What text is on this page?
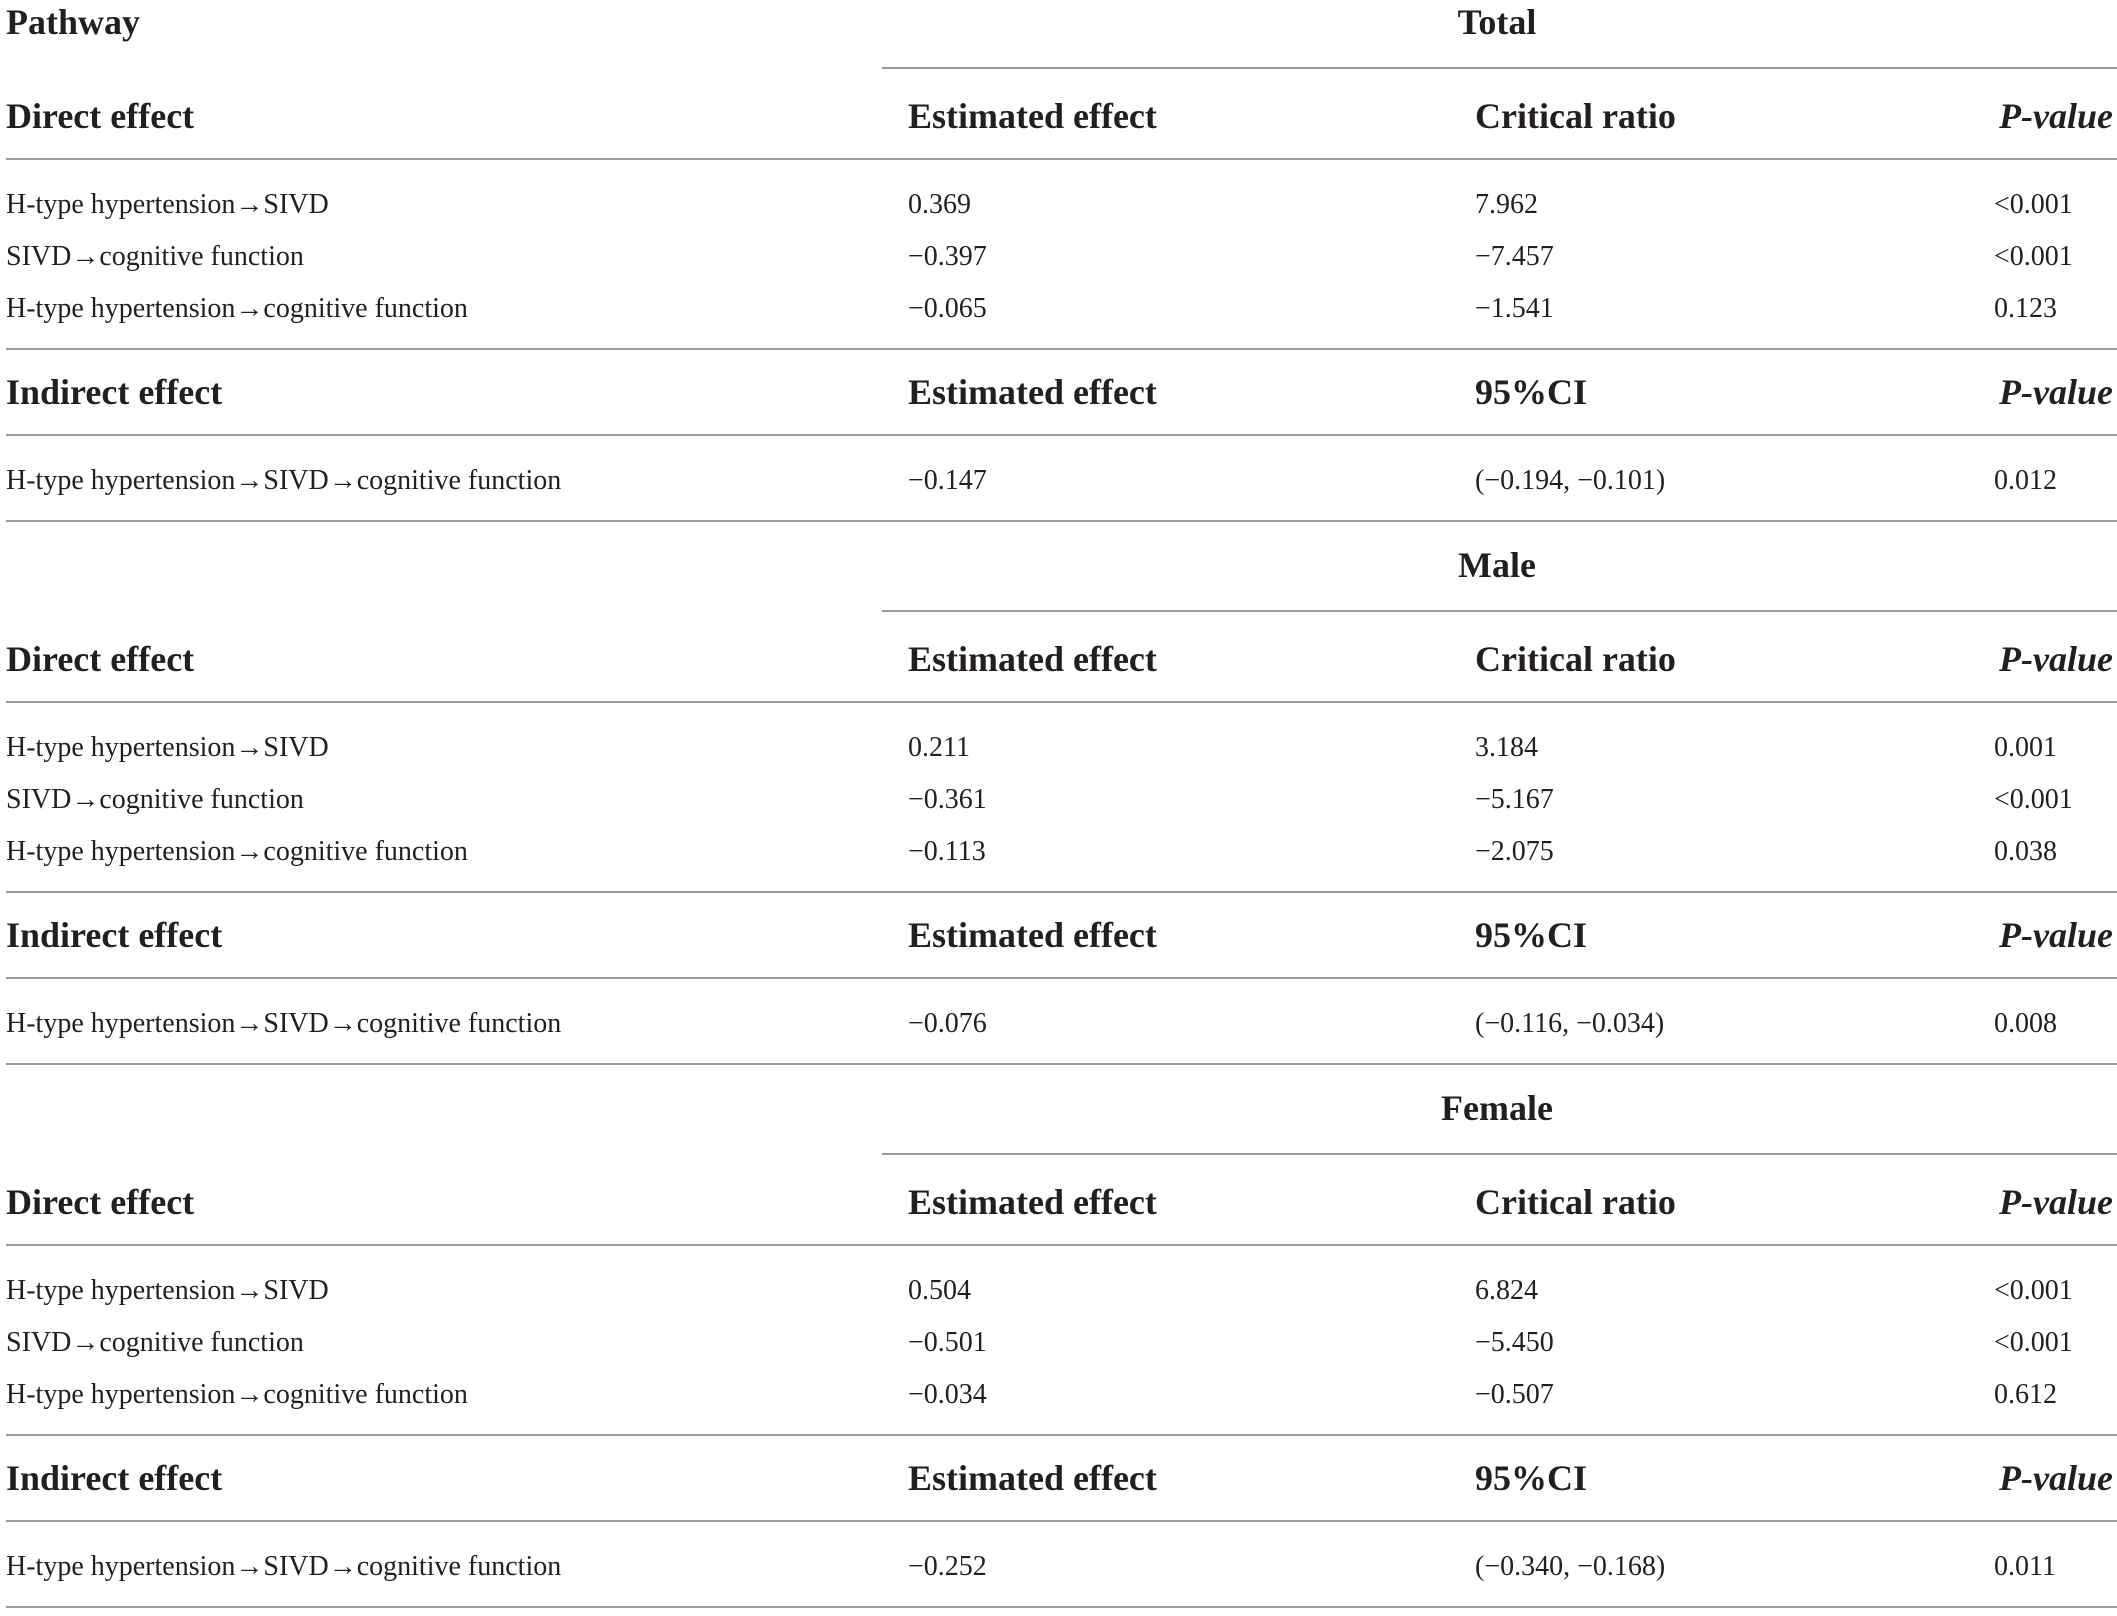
Pathway	Total
Direct effect	Estimated effect	Critical ratio	P-value
H-type hypertension→SIVD	0.369	7.962	<0.001
SIVD→cognitive function	−0.397	−7.457	<0.001
H-type hypertension→cognitive function	−0.065	−1.541	0.123
Indirect effect	Estimated effect	95%CI	P-value
H-type hypertension→SIVD→cognitive function	−0.147	(−0.194, −0.101)	0.012
Male
Direct effect	Estimated effect	Critical ratio	P-value
H-type hypertension→SIVD	0.211	3.184	0.001
SIVD→cognitive function	−0.361	−5.167	<0.001
H-type hypertension→cognitive function	−0.113	−2.075	0.038
Indirect effect	Estimated effect	95%CI	P-value
H-type hypertension→SIVD→cognitive function	−0.076	(−0.116, −0.034)	0.008
Female
Direct effect	Estimated effect	Critical ratio	P-value
H-type hypertension→SIVD	0.504	6.824	<0.001
SIVD→cognitive function	−0.501	−5.450	<0.001
H-type hypertension→cognitive function	−0.034	−0.507	0.612
Indirect effect	Estimated effect	95%CI	P-value
H-type hypertension→SIVD→cognitive function	−0.252	(−0.340, −0.168)	0.011
